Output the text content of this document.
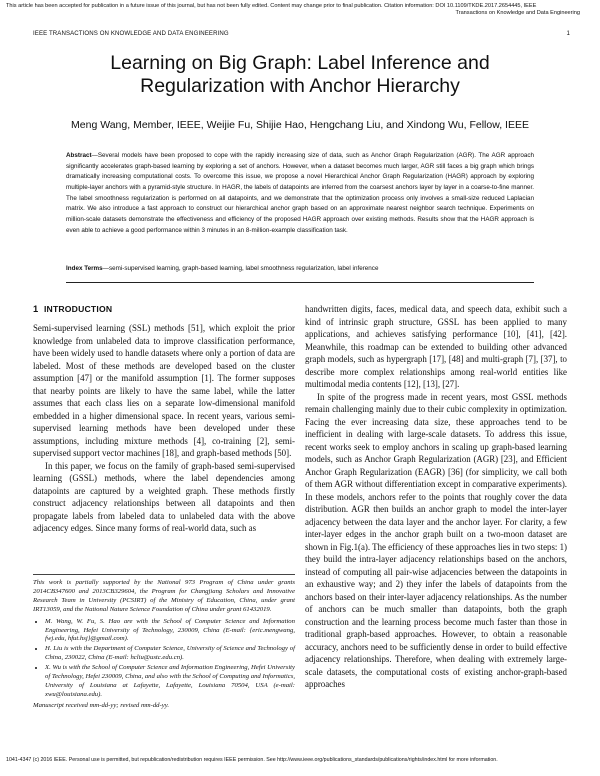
This article has been accepted for publication in a future issue of this journal, but has not been fully edited. Content may change prior to final publication. Citation information: DOI 10.1109/TKDE.2017.2654445, IEEE
Transactions on Knowledge and Data Engineering
IEEE TRANSACTIONS ON KNOWLEDGE AND DATA ENGINEERING	1
Learning on Big Graph: Label Inference and
Regularization with Anchor Hierarchy
Meng Wang, Member, IEEE, Weijie Fu, Shijie Hao, Hengchang Liu, and Xindong Wu, Fellow, IEEE
Abstract—Several models have been proposed to cope with the rapidly increasing size of data, such as Anchor Graph Regularization (AGR). The AGR approach significantly accelerates graph-based learning by exploring a set of anchors. However, when a dataset becomes much larger, AGR still faces a big graph which brings dramatically increasing computational costs. To overcome this issue, we propose a novel Hierarchical Anchor Graph Regularization (HAGR) approach by exploring multiple-layer anchors with a pyramid-style structure. In HAGR, the labels of datapoints are inferred from the coarsest anchors layer by layer in a coarse-to-fine manner. The label smoothness regularization is performed on all datapoints, and we demonstrate that the optimization process only involves a small-size reduced Laplacian matrix. We also introduce a fast approach to construct our hierarchical anchor graph based on an approximate nearest neighbor search technique. Experiments on million-scale datasets demonstrate the effectiveness and efficiency of the proposed HAGR approach over existing methods. Results show that the HAGR approach is even able to achieve a good performance within 3 minutes in an 8-million-example classification task.
Index Terms—semi-supervised learning, graph-based learning, label smoothness regularization, label inference
1 INTRODUCTION

Semi-supervised learning (SSL) methods [51], which exploit the prior knowledge from unlabeled data to improve classification performance, have been widely used to handle datasets where only a portion of data are labeled. Most of these methods are developed based on the cluster assumption [47] or the manifold assumption [1]. The former supposes that nearby points are likely to have the same label, while the latter assumes that each class lies on a separate low-dimensional manifold embedded in a higher dimensional space. In recent years, various semi-supervised learning methods have been developed under these assumptions, including mixture methods [4], co-training [2], semi-supervised support vector machines [18], and graph-based methods [50].

In this paper, we focus on the family of graph-based semi-supervised learning (GSSL) methods, where the label dependencies among datapoints are captured by a weighted graph. These methods firstly construct adjacency relationships between all datapoints and then propagate labels from labeled data to unlabeled data with the above adjacency edges. Since many forms of real-world data, such as

This work is partially supported by the National 973 Program of China under grants 2014CB347600 and 2013CB329604, the Program for Changjiang Scholars and Innovative Research Team in University (PCSIRT) of the Ministry of Education, China, under grant IRT13059, and the National Nature Science Foundation of China under grant 61432019.

• M. Wang, W. Fu, S. Hao are with the School of Computer Science and Information Engineering, Hefei University of Technology, 230009, China (E-mail: {eric.mengwang, fwj.edu, hfut.hsj}@gmail.com).
• H. Liu is with the Department of Computer Science, University of Science and Technology of China, 230022, China (E-mail: hcliu@ustc.edu.cn).
• X. Wu is with the School of Computer Science and Information Engineering, Hefei University of Technology, Hefei 230009, China, and also with the School of Computing and Informatics, University of Louisiana at Lafayette, Lafayette, Louisiana 70504, USA (e-mail: xwu@louisiana.edu).

Manuscript received mm-dd-yy; revised mm-dd-yy.

handwritten digits, faces, medical data, and speech data, exhibit such a kind of intrinsic graph structure, GSSL has been applied to many applications, and achieves satisfying performance [10], [41], [42]. Meanwhile, this roadmap can be extended to building other advanced graph models, such as hypergraph [17], [48] and multi-graph [7], [37], to describe more complex relationships among real-world entities like multimodal media contents [12], [13], [27].

In spite of the progress made in recent years, most GSSL methods remain challenging mainly due to their cubic complexity in optimization. Facing the ever increasing data size, these approaches tend to be inefficient in dealing with large-scale datasets. To address this issue, recent works seek to employ anchors in scaling up graph-based learning models, such as Anchor Graph Regularization (AGR) [23], and Efficient Anchor Graph Regularization (EAGR) [36] (for simplicity, we call both of them AGR without differentiation except in comparative experiments). In these models, anchors refer to the points that roughly cover the data distribution. AGR then builds an anchor graph to model the inter-layer adjacency between the data layer and the anchor layer. For clarity, a few inter-layer edges in the anchor graph built on a two-moon dataset are shown in Fig.1(a). The efficiency of these approaches lies in two steps: 1) they build the intra-layer adjacency relationships based on the anchors, instead of computing all pair-wise adjacencies between the datapoints in an exhaustive way; and 2) they infer the labels of datapoints from the anchors based on their inter-layer adjacency relationships. As the number of anchors can be much smaller than datapoints, both the graph construction and the learning process become much faster than those in traditional graph-based approaches. However, to obtain a reasonable accuracy, anchors need to be sufficiently dense in order to build effective adjacency relationships. Therefore, when dealing with extremely large-scale datasets, the computational costs of existing anchor-graph-based approaches

1041-4347 (c) 2016 IEEE. Personal use is permitted, but republication/redistribution requires IEEE permission. See http://www.ieee.org/publications_standards/publications/rights/index.html for more information.
